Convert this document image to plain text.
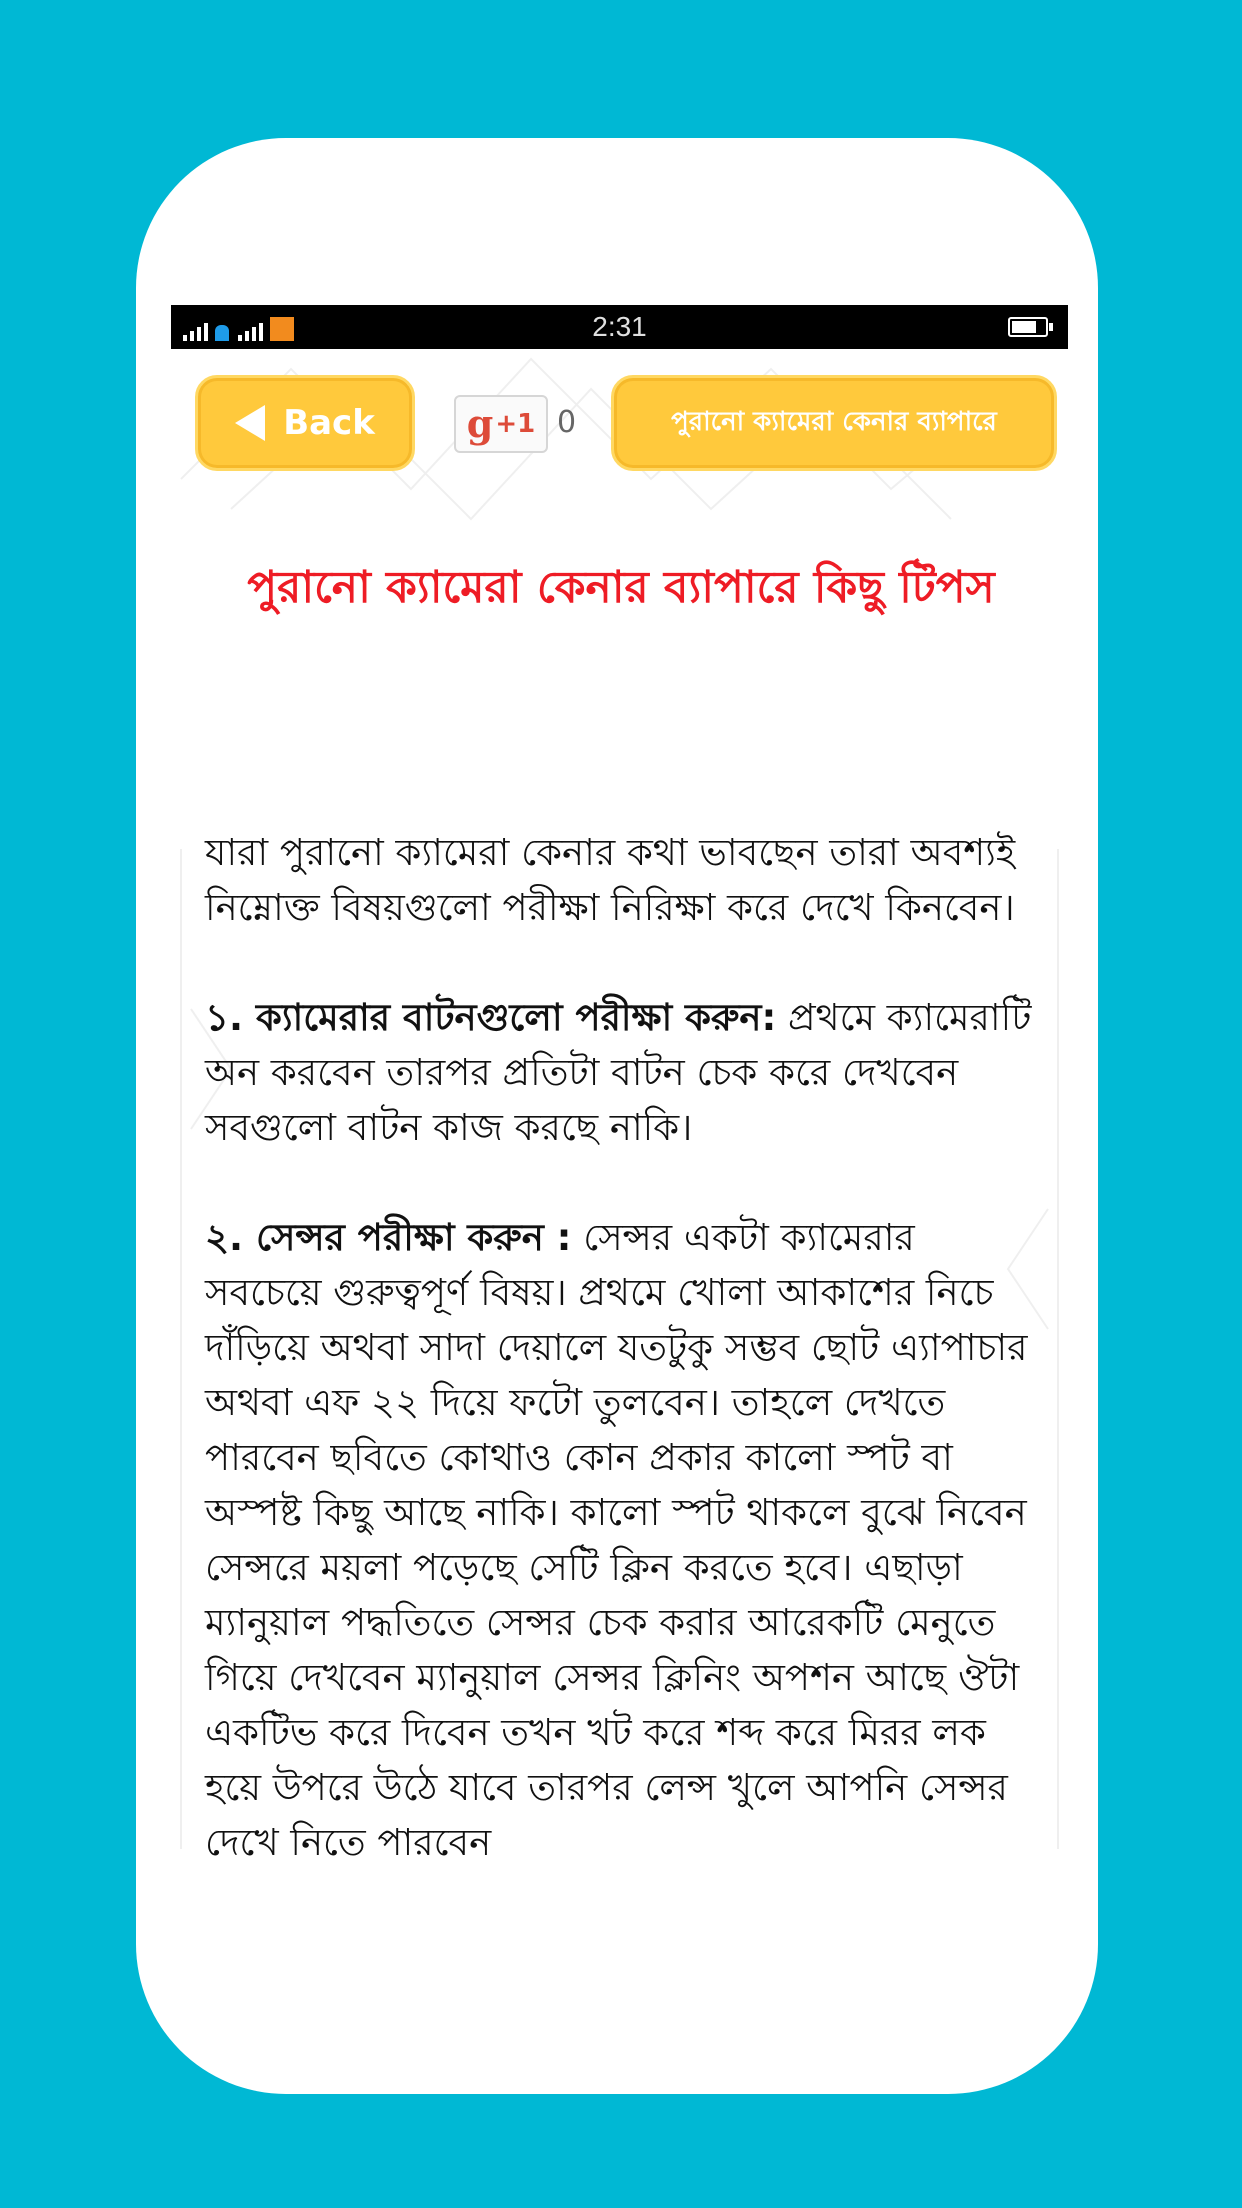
2:31
Back g +1 0	পুরানো ক্যামেরা কেনার ব্যাপারে
পুরানো ক্যামেরা কেনার ব্যাপারে কিছু টিপস

যারা পুরানো ক্যামেরা কেনার কথা ভাবছেন তারা অবশ্যই নিম্নোক্ত বিষয়গুলো পরীক্ষা নিরিক্ষা করে দেখে কিনবেন।

১. ক্যামেরার বাটনগুলো পরীক্ষা করুন: প্রথমে ক্যামেরাটি অন করবেন তারপর প্রতিটা বাটন চেক করে দেখবেন সবগুলো বাটন কাজ করছে নাকি।

২. সেন্সর পরীক্ষা করুন : সেন্সর একটা ক্যামেরার সবচেয়ে গুরুত্বপূর্ণ বিষয়। প্রথমে খোলা আকাশের নিচে দাঁড়িয়ে অথবা সাদা দেয়ালে যতটুকু সম্ভব ছোট এ্যাপাচার অথবা এফ ২২ দিয়ে ফটো তুলবেন। তাহলে দেখতে পারবেন ছবিতে কোথাও কোন প্রকার কালো স্পট বা অস্পষ্ট কিছু আছে নাকি। কালো স্পট থাকলে বুঝে নিবেন সেন্সরে ময়লা পড়েছে সেটি ক্লিন করতে হবে। এছাড়া ম্যানুয়াল পদ্ধতিতে সেন্সর চেক করার আরেকটি মেনুতে গিয়ে দেখবেন ম্যানুয়াল সেন্সর ক্লিনিং অপশন আছে ঔটা একটিভ করে দিবেন তখন খট করে শব্দ করে মিরর লক হয়ে উপরে উঠে যাবে তারপর লেন্স খুলে আপনি সেন্সর দেখে নিতে পারবেন
